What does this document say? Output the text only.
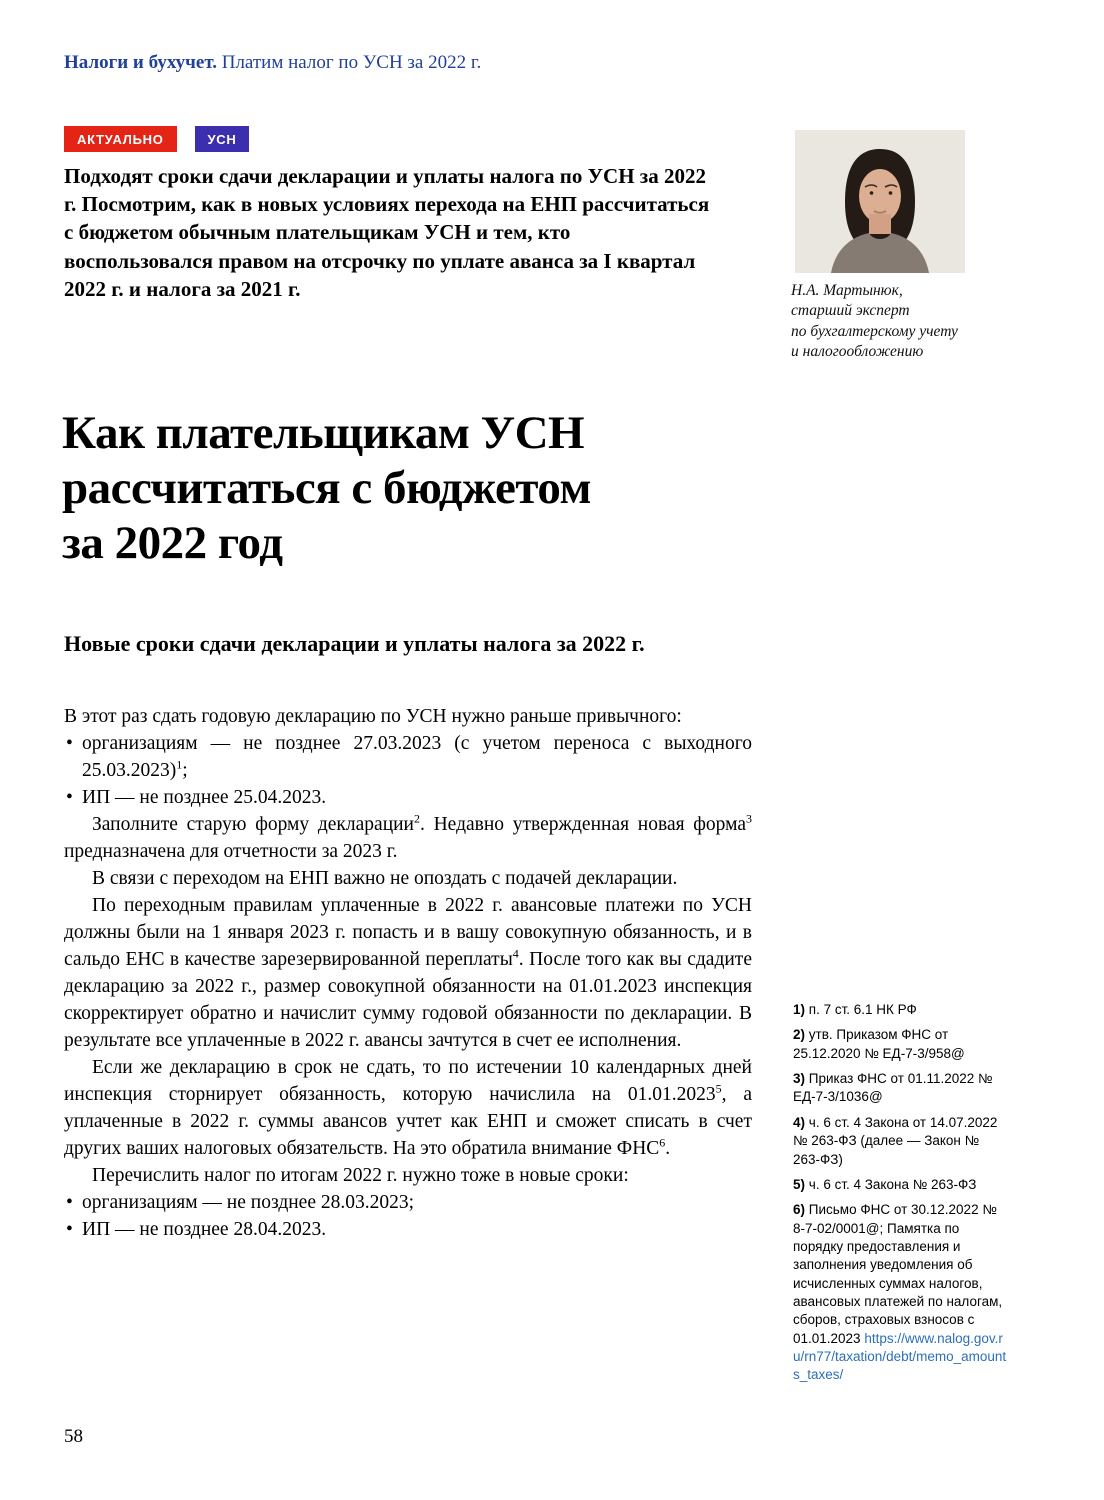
Налоги и бухучет. Платим налог по УСН за 2022 г.
АКТУАЛЬНО	УСН
Подходят сроки сдачи декларации и уплаты налога по УСН за 2022 г. Посмотрим, как в новых условиях перехода на ЕНП рассчитаться с бюджетом обычным плательщикам УСН и тем, кто воспользовался правом на отсрочку по уплате аванса за I квартал 2022 г. и налога за 2021 г.	Н.А. Мартынюк,
старший эксперт
по бухгалтерскому учету
и налогообложению
Как плательщикам УСН
рассчитаться с бюджетом
за 2022 год
Новые сроки сдачи декларации и уплаты налога за 2022 г.

В этот раз сдать годовую декларацию по УСН нужно раньше привычного:

• организациям — не позднее 27.03.2023 (с учетом переноса с выходного 25.03.2023)$^1$;
• ИП — не позднее 25.04.2023.

Заполните старую форму декларации$^2$. Недавно утвержденная новая форма$^3$ предназначена для отчетности за 2023 г.

В связи с переходом на ЕНП важно не опоздать с подачей декларации.

По переходным правилам уплаченные в 2022 г. авансовые платежи по УСН должны были на 1 января 2023 г. попасть и в вашу совокупную обязанность, и в сальдо ЕНС в качестве зарезервированной переплаты$^4$. После того как вы сдадите декларацию за 2022 г., размер совокупной обязанности на 01.01.2023 инспекция скорректирует обратно и начислит сумму годовой обязанности по декларации. В результате все уплаченные в 2022 г. авансы зачтутся в счет ее исполнения.

Если же декларацию в срок не сдать, то по истечении 10 календарных дней инспекция сторнирует обязанность, которую начислила на 01.01.2023$^5$, а уплаченные в 2022 г. суммы авансов учтет как ЕНП и сможет списать в счет других ваших налоговых обязательств. На это обратила внимание ФНС$^6$.

Перечислить налог по итогам 2022 г. нужно тоже в новые сроки:

• организациям — не позднее 28.03.2023;
• ИП — не позднее 28.04.2023.
1) п. 7 ст. 6.1 НК РФ
2) утв. Приказом ФНС от 25.12.2020 № ЕД-7-3/958@
3) Приказ ФНС от 01.11.2022 № ЕД-7-3/1036@
4) ч. 6 ст. 4 Закона от 14.07.2022 № 263-ФЗ (далее — Закон № 263-ФЗ)
5) ч. 6 ст. 4 Закона № 263-ФЗ
6) Письмо ФНС от 30.12.2022 № 8-7-02/0001@; Памятка по порядку предоставления и заполнения уведомления об исчисленных суммах налогов, авансовых платежей по налогам, сборов, страховых взносов с 01.01.2023 https://www.nalog.gov.ru/rn77/taxation/debt/memo_amounts_taxes/
58
